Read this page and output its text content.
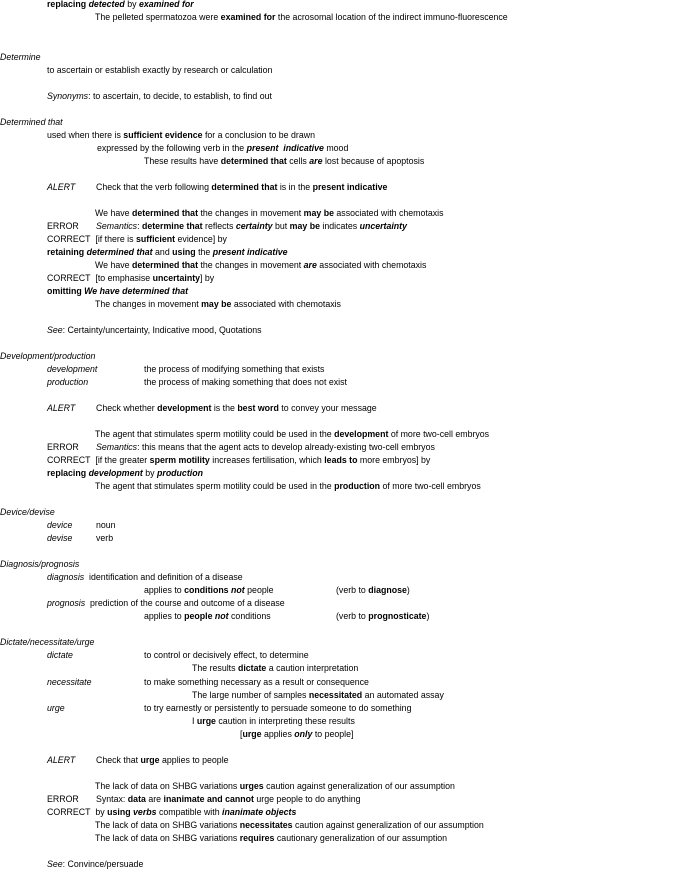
replacing detected by examined for
The pelleted spermatozoa were examined for the acrosomal location of the indirect immuno-fluorescence
Determine
to ascertain or establish exactly by research or calculation
Synonyms: to ascertain, to decide, to establish, to find out
Determined that
used when there is sufficient evidence for a conclusion to be drawn
expressed by the following verb in the present  indicative mood
These results have determined that cells are lost because of apoptosis
ALERT Check that the verb following determined that is in the present indicative
We have determined that the changes in movement may be associated with chemotaxis
ERROR Semantics: determine that reflects certainty but may be indicates uncertainty
CORRECT  [if there is sufficient evidence] by
retaining determined that and using the present indicative
We have determined that the changes in movement are associated with chemotaxis
CORRECT  [to emphasise uncertainty] by
omitting We have determined that
The changes in movement may be associated with chemotaxis
See: Certainty/uncertainty, Indicative mood, Quotations
Development/production
development	the process of modifying something that exists
production	the process of making something that does not exist
ALERT Check whether development is the best word to convey your message
The agent that stimulates sperm motility could be used in the development of more two-cell embryos
ERROR Semantics: this means that the agent acts to develop already-existing two-cell embryos
CORRECT  [if the greater sperm motility increases fertilisation, which leads to more embryos] by
replacing development by production
The agent that stimulates sperm motility could be used in the production of more two-cell embryos
Device/devise
device	noun
devise	verb
Diagnosis/prognosis
diagnosis  identification and definition of a disease
applies to conditions not people	(verb to diagnose)
prognosis  prediction of the course and outcome of a disease
applies to people not conditions	(verb to prognosticate)
Dictate/necessitate/urge
dictate	to control or decisively effect, to determine
The results dictate a caution interpretation
necessitate	to make something necessary as a result or consequence
The large number of samples necessitated an automated assay
urge	to try earnestly or persistently to persuade someone to do something
I urge caution in interpreting these results
[urge applies only to people]
ALERT Check that urge applies to people
The lack of data on SHBG variations urges caution against generalization of our assumption
ERROR Syntax: data are inanimate and cannot urge people to do anything
CORRECT  by using verbs compatible with inanimate objects
The lack of data on SHBG variations necessitates caution against generalization of our assumption
The lack of data on SHBG variations requires cautionary generalization of our assumption
See: Convince/persuade
